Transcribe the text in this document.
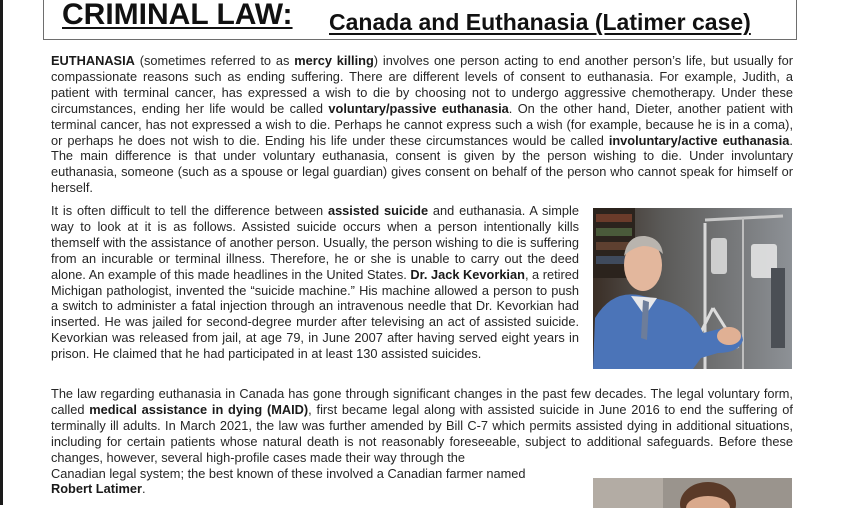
CRIMINAL LAW: Canada and Euthanasia (Latimer case)

EUTHANASIA (sometimes referred to as mercy killing) involves one person acting to end another person’s life, but usually for compassionate reasons such as ending suffering. There are different levels of consent to euthanasia. For example, Judith, a patient with terminal cancer, has expressed a wish to die by choosing not to undergo aggressive chemotherapy. Under these circumstances, ending her life would be called voluntary/passive euthanasia. On the other hand, Dieter, another patient with terminal cancer, has not expressed a wish to die. Perhaps he cannot express such a wish (for example, because he is in a coma), or perhaps he does not wish to die. Ending his life under these circumstances would be called involuntary/active euthanasia. The main difference is that under voluntary euthanasia, consent is given by the person wishing to die. Under involuntary euthanasia, someone (such as a spouse or legal guardian) gives consent on behalf of the person who cannot speak for himself or herself.

It is often difficult to tell the difference between assisted suicide and euthanasia. A simple way to look at it is as follows. Assisted suicide occurs when a person intentionally kills themself with the assistance of another person. Usually, the person wishing to die is suffering from an incurable or terminal illness. Therefore, he or she is unable to carry out the deed alone. An example of this made headlines in the United States. Dr. Jack Kevorkian, a retired Michigan pathologist, invented the “suicide machine.” His machine allowed a person to push a switch to administer a fatal injection through an intravenous needle that Dr. Kevorkian had inserted. He was jailed for second-degree murder after televising an act of assisted suicide. Kevorkian was released from jail, at age 79, in June 2007 after having served eight years in prison. He claimed that he had participated in at least 130 assisted suicides.

The law regarding euthanasia in Canada has gone through significant changes in the past few decades. The legal voluntary form, called medical assistance in dying (MAID), first became legal along with assisted suicide in June 2016 to end the suffering of terminally ill adults. In March 2021, the law was further amended by Bill C-7 which permits assisted dying in additional situations, including for certain patients whose natural death is not reasonably foreseeable, subject to additional safeguards. Before these changes, however, several high-profile cases made their way through the
Canadian legal system; the best known of these involved a Canadian farmer named
Robert Latimer.
